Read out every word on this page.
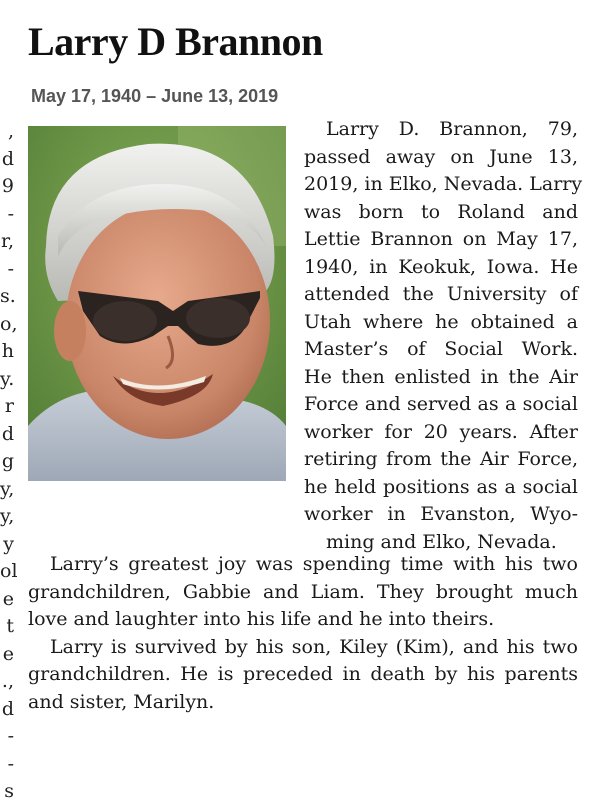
Larry D Brannon

May 17, 1940 – June 13, 2019

,
d
9
-
r,
-
s.
o,
h
y.
r
d
g
y,
y,
y
ol
e
t
e
.,
d
-
-
s
Larry D. Brannon, 79,
passed away on June 13,
2019, in Elko, Nevada. Larry
was born to Roland and
Lettie Brannon on May 17,
1940, in Keokuk, Iowa. He
attended the University of
Utah where he obtained a
Master’s of Social Work.
He then enlisted in the Air
Force and served as a social
worker for 20 years. After
retiring from the Air Force,
he held positions as a social
worker in Evanston, Wyo-
ming and Elko, Nevada.
Larry’s greatest joy was spending time with his two
grandchildren, Gabbie and Liam. They brought much
love and laughter into his life and he into theirs.
Larry is survived by his son, Kiley (Kim), and his two
grandchildren. He is preceded in death by his parents
and sister, Marilyn.
